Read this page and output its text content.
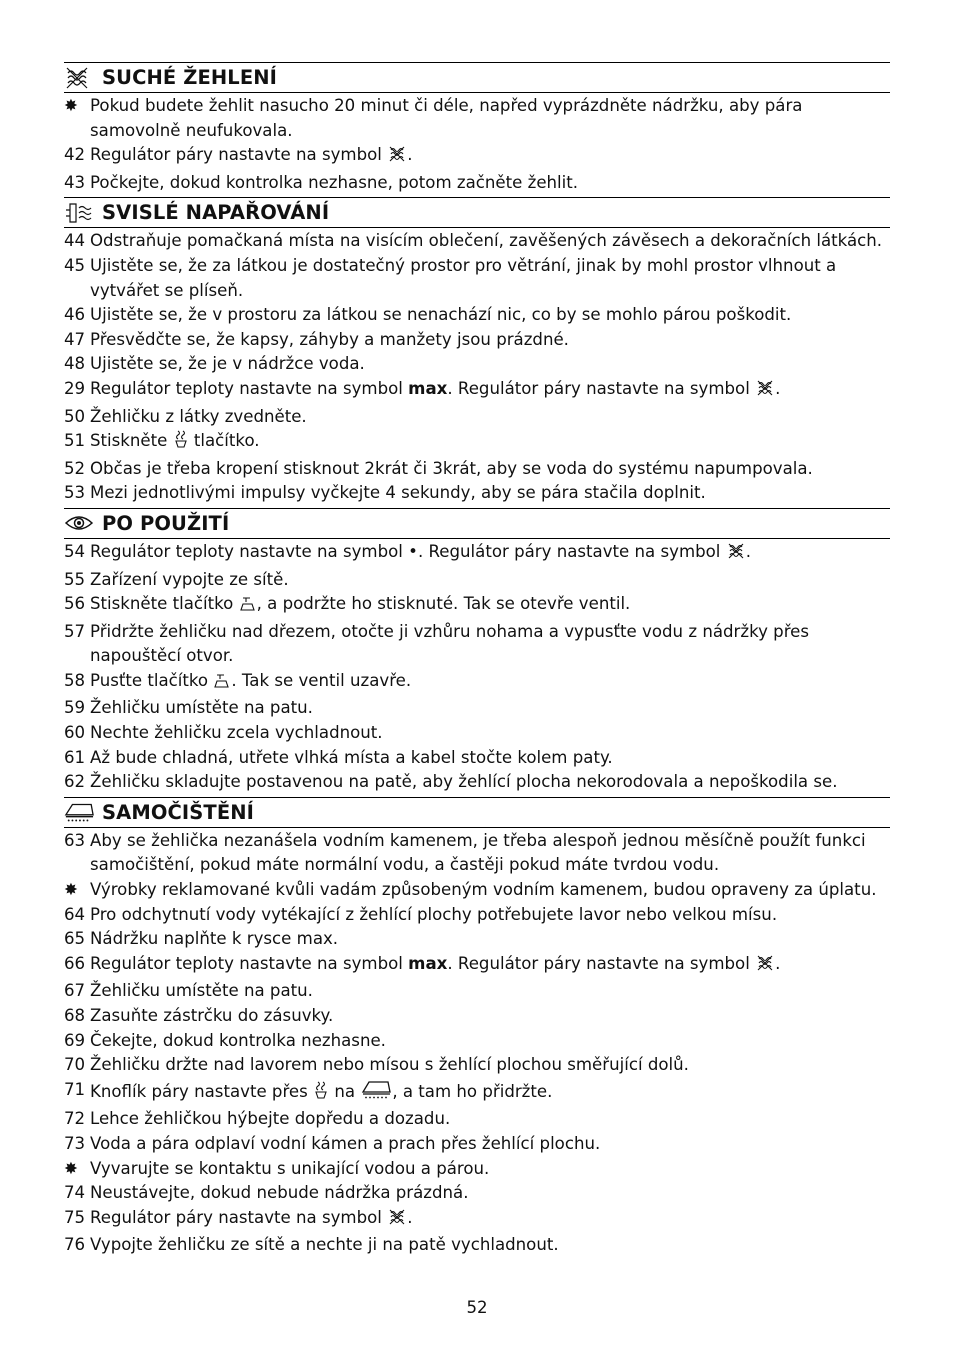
SUCHÉ ŽEHLENÍ
✸ Pokud budete žehlit nasucho 20 minut či déle, napřed vyprázdněte nádržku, aby pára samovolně neufukovala.
42 Regulátor páry nastavte na symbol .
43 Počkejte, dokud kontrolka nezhasne, potom začněte žehlit.
SVISLÉ NAPAŘOVÁNÍ
44 Odstraňuje pomačkaná místa na visícím oblečení, zavěšených závěsech a dekoračních látkách.
45 Ujistěte se, že za látkou je dostatečný prostor pro větrání, jinak by mohl prostor vlhnout a vytvářet se plíseň.
46 Ujistěte se, že v prostoru za látkou se nenachází nic, co by se mohlo párou poškodit.
47 Přesvědčte se, že kapsy, záhyby a manžety jsou prázdné.
48 Ujistěte se, že je v nádržce voda.
29 Regulátor teploty nastavte na symbol max. Regulátor páry nastavte na symbol .
50 Žehličku z látky zvedněte.
51 Stiskněte  tlačítko.
52 Občas je třeba kropení stisknout 2krát či 3krát, aby se voda do systému napumpovala.
53 Mezi jednotlivými impulsy vyčkejte 4 sekundy, aby se pára stačila doplnit.
PO POUŽITÍ
54 Regulátor teploty nastavte na symbol •. Regulátor páry nastavte na symbol .
55 Zařízení vypojte ze sítě.
56 Stiskněte tlačítko , a podržte ho stisknuté. Tak se otevře ventil.
57 Přidržte žehličku nad dřezem, otočte ji vzhůru nohama a vypusťte vodu z nádržky přes napouštěcí otvor.
58 Pusťte tlačítko . Tak se ventil uzavře.
59 Žehličku umístěte na patu.
60 Nechte žehličku zcela vychladnout.
61 Až bude chladná, utřete vlhká místa a kabel stočte kolem paty.
62 Žehličku skladujte postavenou na patě, aby žehlící plocha nekorodovala a nepoškodila se.
SAMOČIŠTĚNÍ
63 Aby se žehlička nezanášela vodním kamenem, je třeba alespoň jednou měsíčně použít funkci samočištění, pokud máte normální vodu, a častěji pokud máte tvrdou vodu.
✸ Výrobky reklamované kvůli vadám způsobeným vodním kamenem, budou opraveny za úplatu.
64 Pro odchytnutí vody vytékající z žehlící plochy potřebujete lavor nebo velkou mísu.
65 Nádržku naplňte k rysce max.
66 Regulátor teploty nastavte na symbol max. Regulátor páry nastavte na symbol .
67 Žehličku umístěte na patu.
68 Zasuňte zástrčku do zásuvky.
69 Čekejte, dokud kontrolka nezhasne.
70 Žehličku držte nad lavorem nebo mísou s žehlící plochou směřující dolů.
71 Knoflík páry nastavte přes  na , a tam ho přidržte.
72 Lehce žehličkou hýbejte dopředu a dozadu.
73 Voda a pára odplaví vodní kámen a prach přes žehlící plochu.
✸ Vyvarujte se kontaktu s unikající vodou a párou.
74 Neustávejte, dokud nebude nádržka prázdná.
75 Regulátor páry nastavte na symbol .
76 Vypojte žehličku ze sítě a nechte ji na patě vychladnout.
52
